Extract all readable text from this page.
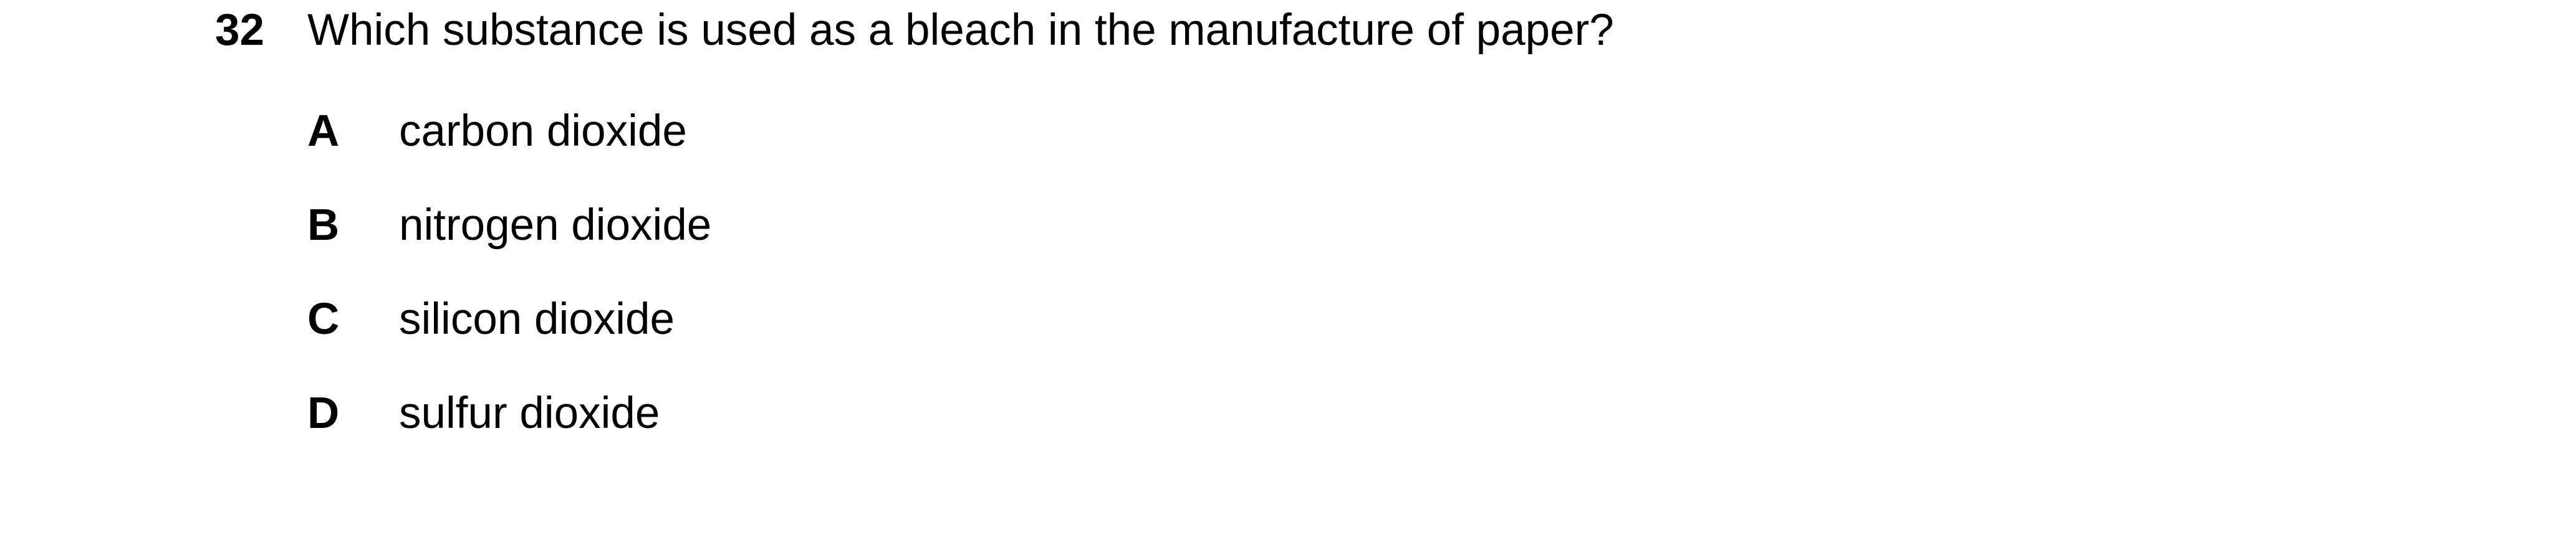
32 Which substance is used as a bleach in the manufacture of paper?
A carbon dioxide
B nitrogen dioxide
C silicon dioxide
D sulfur dioxide
